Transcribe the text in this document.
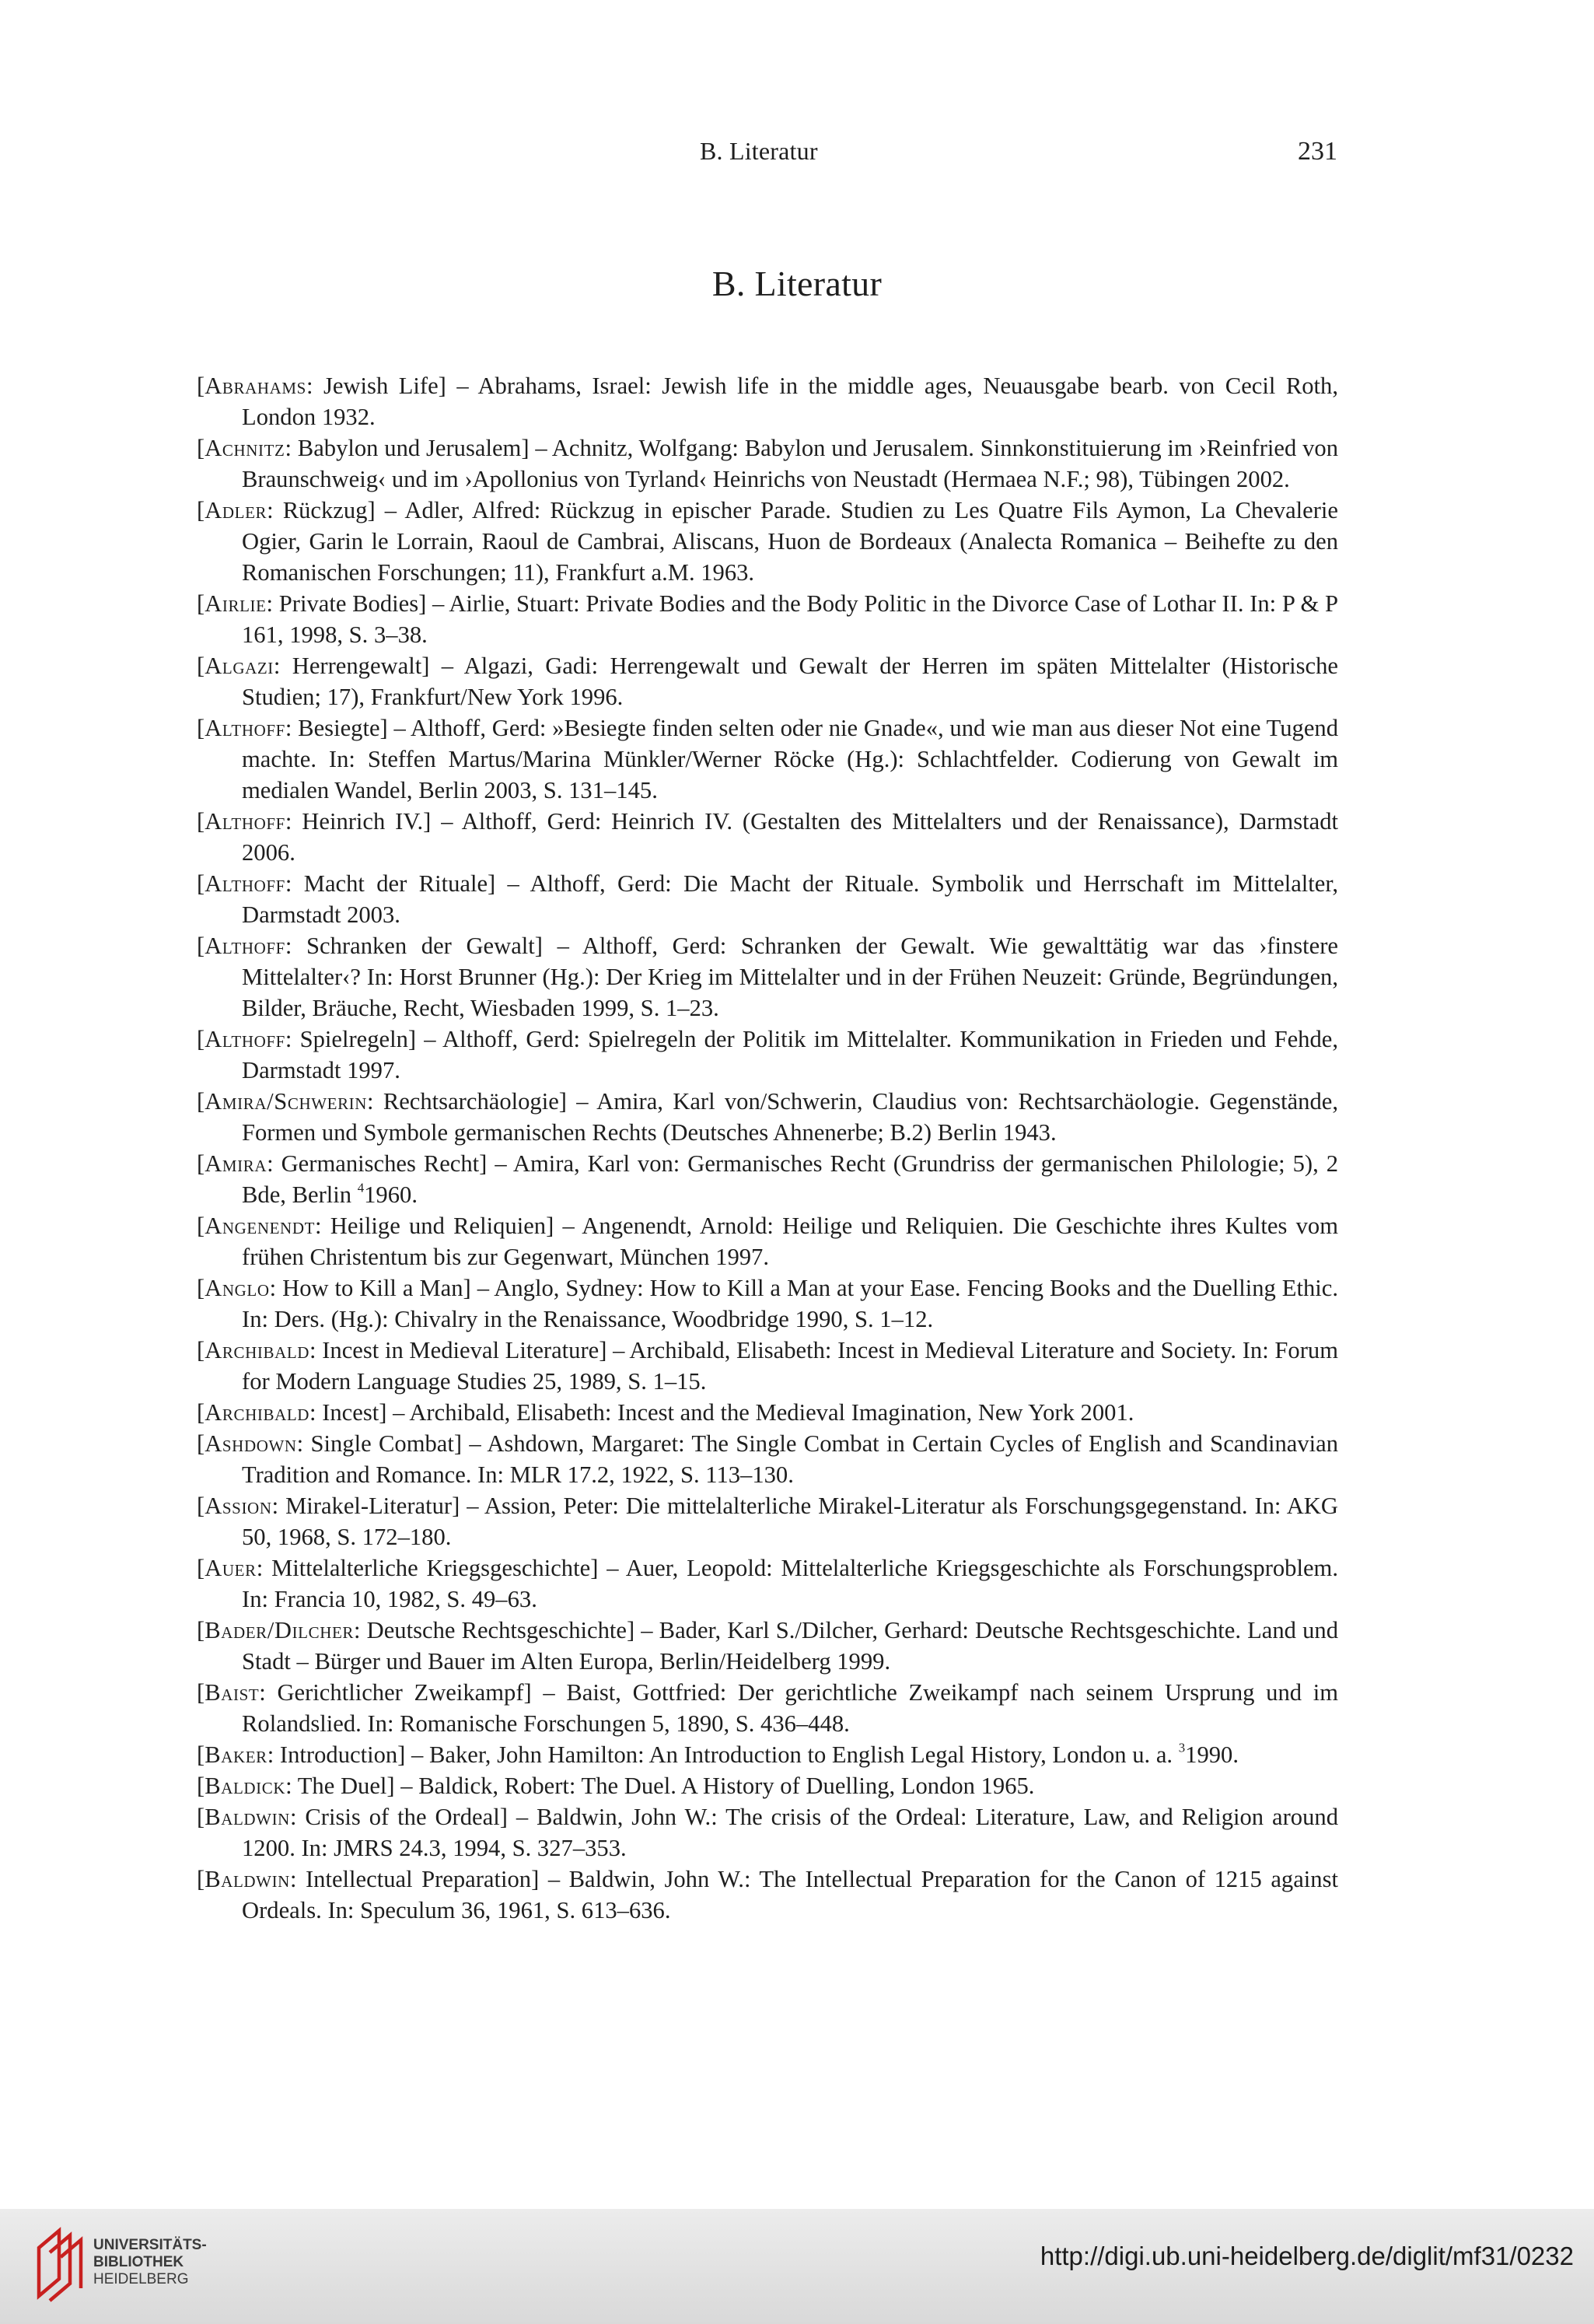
B. Literatur	231
B. Literatur
[Abrahams: Jewish Life] – Abrahams, Israel: Jewish life in the middle ages, Neuausgabe bearb. von Cecil Roth, London 1932.
[Achnitz: Babylon und Jerusalem] – Achnitz, Wolfgang: Babylon und Jerusalem. Sinnkonstituierung im ›Reinfried von Braunschweig‹ und im ›Apollonius von Tyrland‹ Heinrichs von Neustadt (Hermaea N.F.; 98), Tübingen 2002.
[Adler: Rückzug] – Adler, Alfred: Rückzug in epischer Parade. Studien zu Les Quatre Fils Aymon, La Chevalerie Ogier, Garin le Lorrain, Raoul de Cambrai, Aliscans, Huon de Bordeaux (Analecta Romanica – Beihefte zu den Romanischen Forschungen; 11), Frankfurt a.M. 1963.
[Airlie: Private Bodies] – Airlie, Stuart: Private Bodies and the Body Politic in the Divorce Case of Lothar II. In: P & P 161, 1998, S. 3–38.
[Algazi: Herrengewalt] – Algazi, Gadi: Herrengewalt und Gewalt der Herren im späten Mittelalter (Historische Studien; 17), Frankfurt/New York 1996.
[Althoff: Besiegte] – Althoff, Gerd: »Besiegte finden selten oder nie Gnade«, und wie man aus dieser Not eine Tugend machte. In: Steffen Martus/Marina Münkler/Werner Röcke (Hg.): Schlachtfelder. Codierung von Gewalt im medialen Wandel, Berlin 2003, S. 131–145.
[Althoff: Heinrich IV.] – Althoff, Gerd: Heinrich IV. (Gestalten des Mittelalters und der Renaissance), Darmstadt 2006.
[Althoff: Macht der Rituale] – Althoff, Gerd: Die Macht der Rituale. Symbolik und Herrschaft im Mittelalter, Darmstadt 2003.
[Althoff: Schranken der Gewalt] – Althoff, Gerd: Schranken der Gewalt. Wie gewalttätig war das ›finstere Mittelalter‹? In: Horst Brunner (Hg.): Der Krieg im Mittelalter und in der Frühen Neuzeit: Gründe, Begründungen, Bilder, Bräuche, Recht, Wiesbaden 1999, S. 1–23.
[Althoff: Spielregeln] – Althoff, Gerd: Spielregeln der Politik im Mittelalter. Kommunikation in Frieden und Fehde, Darmstadt 1997.
[Amira/Schwerin: Rechtsarchäologie] – Amira, Karl von/Schwerin, Claudius von: Rechtsarchäologie. Gegenstände, Formen und Symbole germanischen Rechts (Deutsches Ahnenerbe; B.2) Berlin 1943.
[Amira: Germanisches Recht] – Amira, Karl von: Germanisches Recht (Grundriss der germanischen Philologie; 5), 2 Bde, Berlin $^4$1960.
[Angenendt: Heilige und Reliquien] – Angenendt, Arnold: Heilige und Reliquien. Die Geschichte ihres Kultes vom frühen Christentum bis zur Gegenwart, München 1997.
[Anglo: How to Kill a Man] – Anglo, Sydney: How to Kill a Man at your Ease. Fencing Books and the Duelling Ethic. In: Ders. (Hg.): Chivalry in the Renaissance, Woodbridge 1990, S. 1–12.
[Archibald: Incest in Medieval Literature] – Archibald, Elisabeth: Incest in Medieval Literature and Society. In: Forum for Modern Language Studies 25, 1989, S. 1–15.
[Archibald: Incest] – Archibald, Elisabeth: Incest and the Medieval Imagination, New York 2001.
[Ashdown: Single Combat] – Ashdown, Margaret: The Single Combat in Certain Cycles of English and Scandinavian Tradition and Romance. In: MLR 17.2, 1922, S. 113–130.
[Assion: Mirakel-Literatur] – Assion, Peter: Die mittelalterliche Mirakel-Literatur als Forschungsgegenstand. In: AKG 50, 1968, S. 172–180.
[Auer: Mittelalterliche Kriegsgeschichte] – Auer, Leopold: Mittelalterliche Kriegsgeschichte als Forschungsproblem. In: Francia 10, 1982, S. 49–63.
[Bader/Dilcher: Deutsche Rechtsgeschichte] – Bader, Karl S./Dilcher, Gerhard: Deutsche Rechtsgeschichte. Land und Stadt – Bürger und Bauer im Alten Europa, Berlin/Heidelberg 1999.
[Baist: Gerichtlicher Zweikampf] – Baist, Gottfried: Der gerichtliche Zweikampf nach seinem Ursprung und im Rolandslied. In: Romanische Forschungen 5, 1890, S. 436–448.
[Baker: Introduction] – Baker, John Hamilton: An Introduction to English Legal History, London u. a. $^3$1990.
[Baldick: The Duel] – Baldick, Robert: The Duel. A History of Duelling, London 1965.
[Baldwin: Crisis of the Ordeal] – Baldwin, John W.: The crisis of the Ordeal: Literature, Law, and Religion around 1200. In: JMRS 24.3, 1994, S. 327–353.
[Baldwin: Intellectual Preparation] – Baldwin, John W.: The Intellectual Preparation for the Canon of 1215 against Ordeals. In: Speculum 36, 1961, S. 613–636.
UNIVERSITÄTS-
BIBLIOTHEK
HEIDELBERG
http://digi.ub.uni-heidelberg.de/diglit/mf31/0232
